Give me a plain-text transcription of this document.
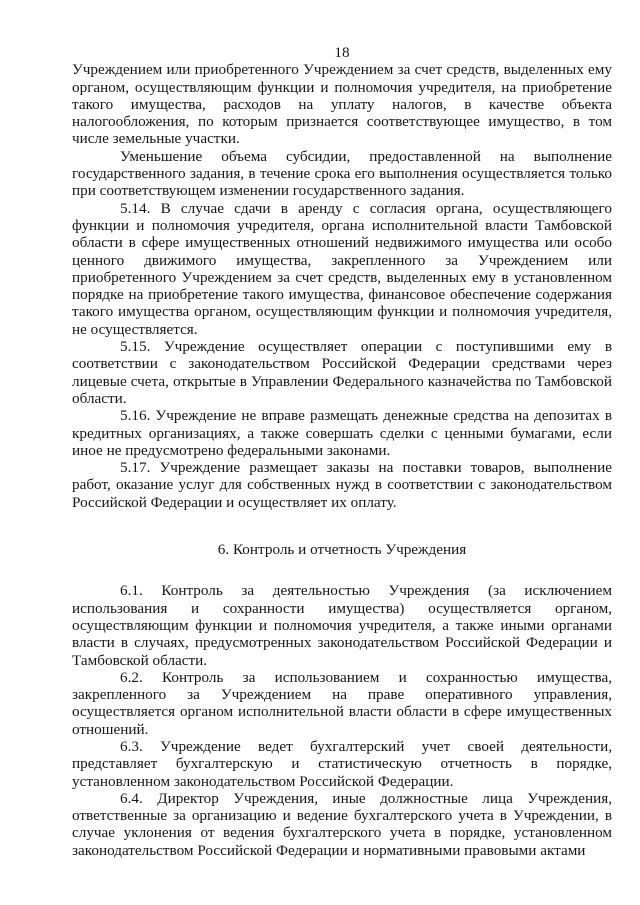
18

Учреждением или приобретенного Учреждением за счет средств, выделенных ему органом, осуществляющим функции и полномочия учредителя, на приобретение такого имущества, расходов на уплату налогов, в качестве объекта налогообложения, по которым признается соответствующее имущество, в том числе земельные участки.

Уменьшение объема субсидии, предоставленной на выполнение государственного задания, в течение срока его выполнения осуществляется только при соответствующем изменении государственного задания.

5.14. В случае сдачи в аренду с согласия органа, осуществляющего функции и полномочия учредителя, органа исполнительной власти Тамбовской области в сфере имущественных отношений недвижимого имущества или особо ценного движимого имущества, закрепленного за Учреждением или приобретенного Учреждением за счет средств, выделенных ему в установленном порядке на приобретение такого имущества, финансовое обеспечение содержания такого имущества органом, осуществляющим функции и полномочия учредителя, не осуществляется.

5.15. Учреждение осуществляет операции с поступившими ему в соответствии с законодательством Российской Федерации средствами через лицевые счета, открытые в Управлении Федерального казначейства по Тамбовской области.

5.16. Учреждение не вправе размещать денежные средства на депозитах в кредитных организациях, а также совершать сделки с ценными бумагами, если иное не предусмотрено федеральными законами.

5.17. Учреждение размещает заказы на поставки товаров, выполнение работ, оказание услуг для собственных нужд в соответствии с законодательством Российской Федерации и осуществляет их оплату.

6. Контроль и отчетность Учреждения

6.1. Контроль за деятельностью Учреждения (за исключением использования и сохранности имущества) осуществляется органом, осуществляющим функции и полномочия учредителя, а также иными органами власти в случаях, предусмотренных законодательством Российской Федерации и Тамбовской области.

6.2. Контроль за использованием и сохранностью имущества, закрепленного за Учреждением на праве оперативного управления, осуществляется органом исполнительной власти области в сфере имущественных отношений.

6.3. Учреждение ведет бухгалтерский учет своей деятельности, представляет бухгалтерскую и статистическую отчетность в порядке, установленном законодательством Российской Федерации.

6.4. Директор Учреждения, иные должностные лица Учреждения, ответственные за организацию и ведение бухгалтерского учета в Учреждении, в случае уклонения от ведения бухгалтерского учета в порядке, установленном законодательством Российской Федерации и нормативными правовыми актами
